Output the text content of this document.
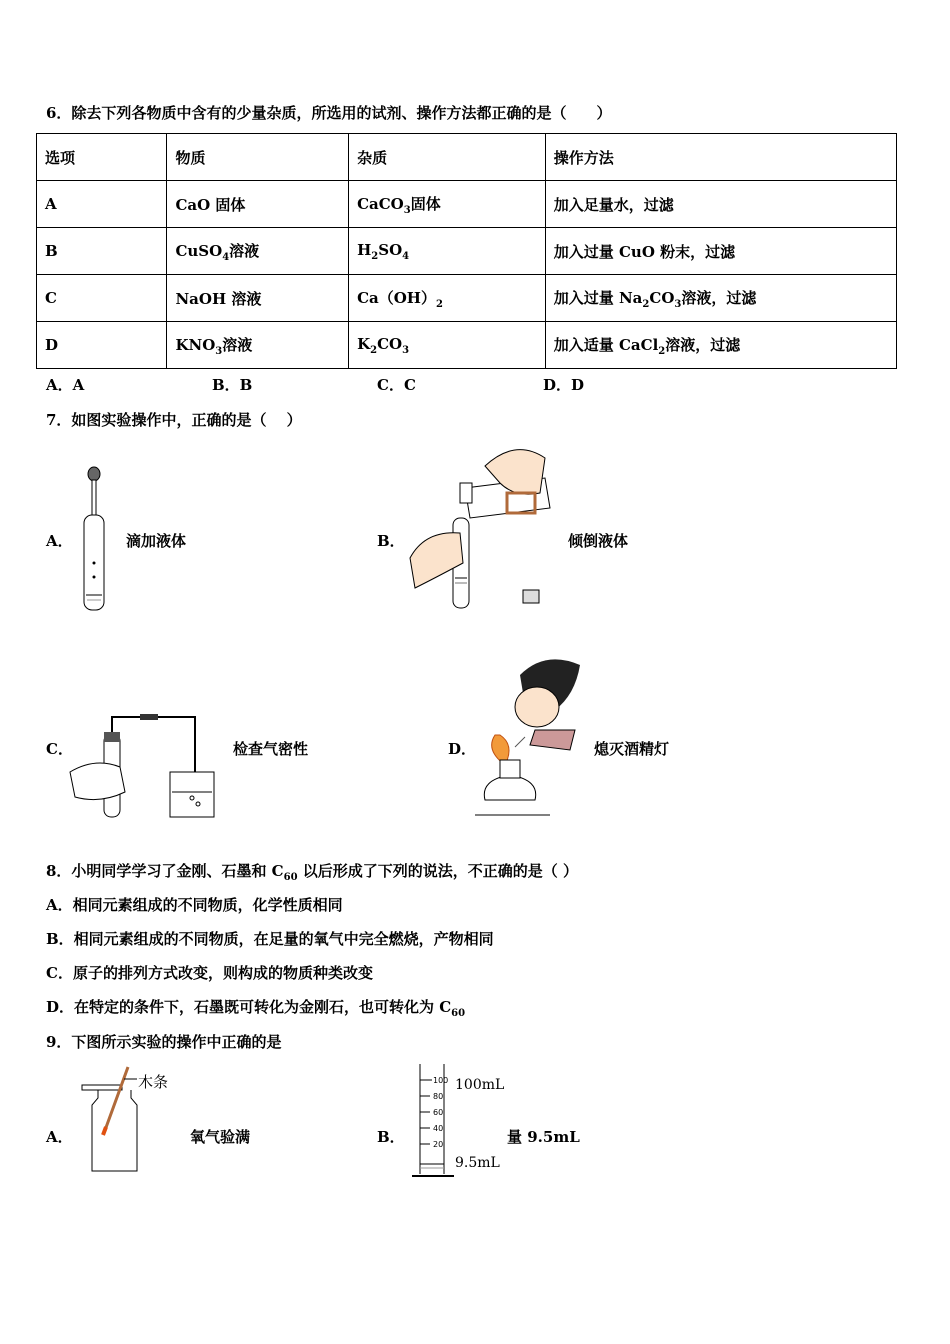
6．除去下列各物质中含有的少量杂质，所选用的试剂、操作方法都正确的是（　　）
选项	物质	杂质	操作方法
A	CaO 固体	CaCO$_3$固体	加入足量水，过滤
B	CuSO$_4$溶液	$H_2SO_4$	加入过量 CuO 粉末，过滤
C	NaOH 溶液	$Ca(OH)_2$	加入过量 $Na_2CO_3$溶液，过滤
D	$KNO_3$溶液	$K_2CO_3$	加入适量 CaCl$_2$溶液，过滤
A．A	B．B	C．C	D．D
7．如图实验操作中，正确的是（　 ）
A．	滴加液体	B．	倾倒液体
C．	检查气密性	D．	熄灭酒精灯
8．小明同学学习了金刚、石墨和 $C_{60}$ 以后形成了下列的说法，不正确的是（ ）
A．相同元素组成的不同物质，化学性质相同
B．相同元素组成的不同物质，在足量的氧气中完全燃烧，产物相同
C．原子的排列方式改变，则构成的物质种类改变
D．在特定的条件下，石墨既可转化为金刚石，也可转化为 $C_{60}$
9．下图所示实验的操作中正确的是
A．
木条
氧气验满	B．
100
80
60
40
20
100mL
9.5mL
量 9.5mL
